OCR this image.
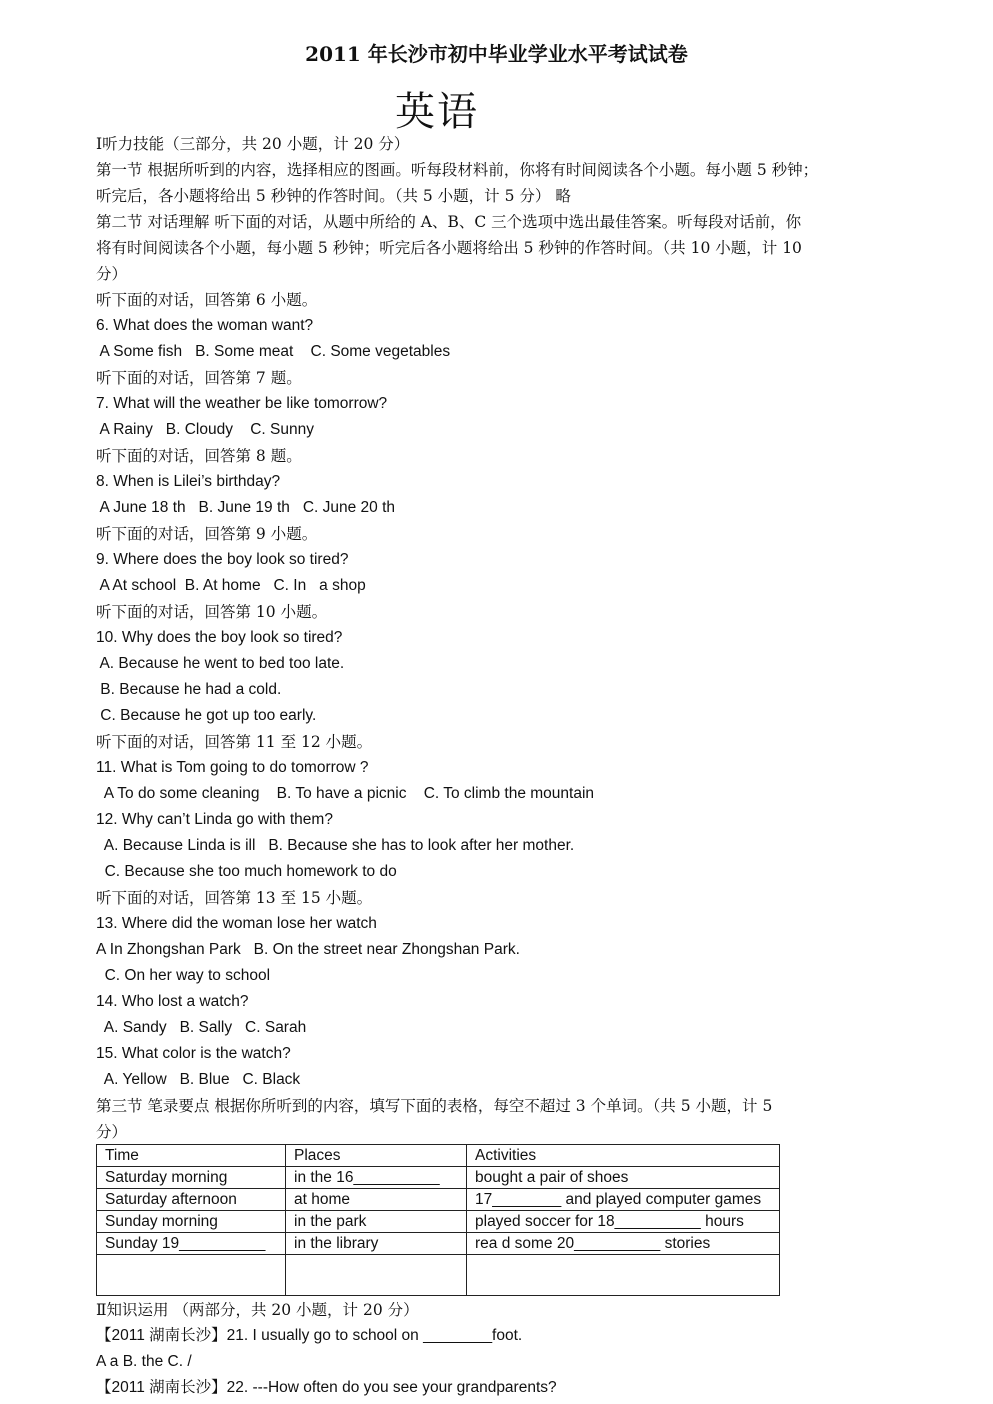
2011 年长沙市初中毕业学业水平考试试卷
英语
Ⅰ听力技能（三部分，共 20 小题，计 20 分）
第一节 根据所听到的内容，选择相应的图画。听每段材料前，你将有时间阅读各个小题。每小题 5 秒钟；
听完后，各小题将给出 5 秒钟的作答时间。（共 5 小题，计 5 分） 略
第二节 对话理解 听下面的对话，从题中所给的 A、B、C 三个选项中选出最佳答案。听每段对话前，你
将有时间阅读各个小题，每小题 5 秒钟；听完后各小题将给出 5 秒钟的作答时间。（共 10 小题，计 10
分）
听下面的对话，回答第 6 小题。
6. What does the woman want?
A Some fish   B. Some meat    C. Some vegetables
听下面的对话，回答第 7 题。
7. What will the weather be like tomorrow?
A Rainy   B. Cloudy    C. Sunny
听下面的对话，回答第 8 题。
8. When is Lilei’s birthday?
A June 18 th   B. June 19 th   C. June 20 th
听下面的对话，回答第 9 小题。
9. Where does the boy look so tired?
A At school  B. At home   C. In   a shop
听下面的对话，回答第 10 小题。
10. Why does the boy look so tired?
A. Because he went to bed too late.
B. Because he had a cold.
C. Because he got up too early.
听下面的对话，回答第 11 至 12 小题。
11. What is Tom going to do tomorrow ?
A To do some cleaning    B. To have a picnic    C. To climb the mountain
12. Why can’t Linda go with them?
A. Because Linda is ill   B. Because she has to look after her mother.
C. Because she too much homework to do
听下面的对话，回答第 13 至 15 小题。
13. Where did the woman lose her watch
A In Zhongshan Park   B. On the street near Zhongshan Park.
C. On her way to school
14. Who lost a watch?
A. Sandy   B. Sally   C. Sarah
15. What color is the watch?
A. Yellow   B. Blue   C. Black
第三节 笔录要点 根据你所听到的内容，填写下面的表格，每空不超过 3 个单词。（共 5 小题，计 5
分）
Time	Places	Activities
Saturday morning	in the 16__________	bought a pair of shoes
Saturday afternoon	at home	17________ and played computer games
Sunday morning	in the park	played soccer for 18__________ hours
Sunday 19__________	in the library	rea d some 20__________ stories

Ⅱ知识运用 （两部分，共 20 小题，计 20 分）
【2011 湖南长沙】21. I usually go to school on ________foot.
A a B. the C. /
【2011 湖南长沙】22. ---How often do you see your grandparents?
